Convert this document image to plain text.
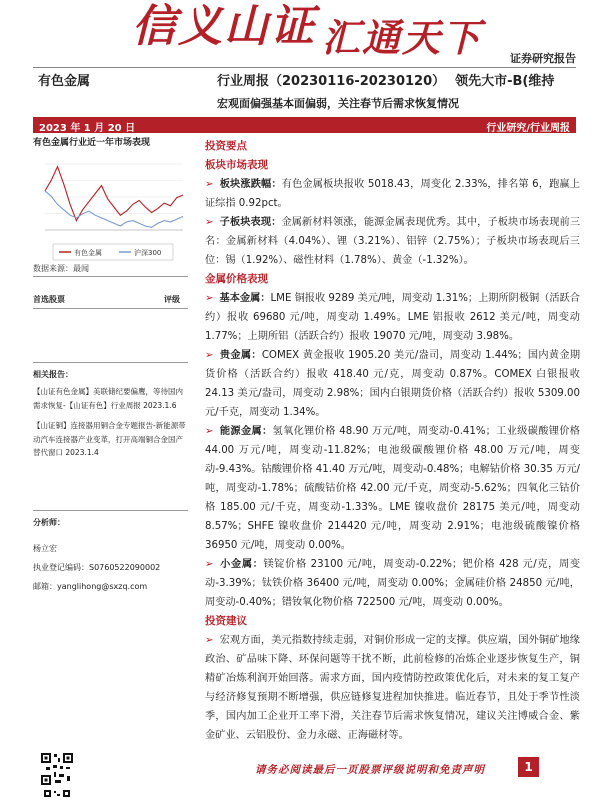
信义山证 汇通天下	证券研究报告
有色金属	行业周报（20230116-20230120） 领先大市-B(维持
宏观面偏强基本面偏弱，关注春节后需求恢复情况
2023 年 1 月 20 日	行业研究/行业周报
有色金属行业近一年市场表现
有色金属	沪深300
数据来源：最闻
首选股票	评级
相关报告：

【山证有色金属】美联储纪要偏鹰，等待国内需求恢复-【山证有色】行业周报 2023.1.6

【山证铜】连接器用铜合金专题报告-新能源带动汽车连接器产业变革，打开高端铜合金国产替代窗口 2023.1.4

分析师：
杨立宏
执业登记编码：S0760522090002
邮箱：yanglihong@sxzq.com
投资要点
板块市场表现

➢ 板块涨跌幅：有色金属板块报收 5018.43，周变化 2.33%，排名第 6，跑赢上证综指 0.92pct。

➢ 子板块表现：金属新材料领涨，能源金属表现优秀。其中，子板块市场表现前三名：金属新材料（4.04%）、锂（3.21%）、铝锌（2.75%）；子板块市场表现后三位：锡（1.92%）、磁性材料（1.78%）、黄金（-1.32%）。

金属价格表现

➢ 基本金属：LME 铜报收 9289 美元/吨，周变动 1.31%；上期所阴极铜（活跃合约）报收 69680 元/吨，周变动 1.49%。LME 铝报收 2612 美元/吨，周变动 1.77%；上期所铝（活跃合约）报收 19070 元/吨，周变动 3.98%。

➢ 贵金属：COMEX 黄金报收 1905.20 美元/盎司，周变动 1.44%；国内黄金期货价格（活跃合约）报收 418.40 元/克，周变动 0.87%。COMEX 白银报收 24.13 美元/盎司，周变动 2.98%；国内白银期货价格（活跃合约）报收 5309.00 元/千克，周变动 1.34%。

➢ 能源金属：氢氧化锂价格 48.90 万元/吨，周变动-0.41%；工业级碳酸锂价格 44.00 万元/吨，周变动-11.82%；电池级碳酸锂价格 48.00 万元/吨，周变动-9.43%。钴酸锂价格 41.40 万元/吨，周变动-0.48%；电解钴价格 30.35 万元/吨，周变动-1.78%；硫酸钴价格 42.00 元/千克，周变动-5.62%；四氧化三钴价格 185.00 元/千克，周变动-1.33%。LME 镍收盘价 28175 美元/吨，周变动 8.57%；SHFE 镍收盘价 214420 元/吨，周变动 2.91%；电池级硫酸镍价格 36950 元/吨，周变动 0.00%。

➢ 小金属：镁锭价格 23100 元/吨，周变动-0.22%；钯价格 428 元/克，周变动-3.39%；钛铁价格 36400 元/吨，周变动 0.00%；金属硅价格 24850 元/吨，周变动-0.40%；镨钕氧化物价格 722500 元/吨，周变动 0.00%。

投资建议

➢ 宏观方面，美元指数持续走弱，对铜价形成一定的支撑。供应端，国外铜矿地缘政治、矿品味下降、环保问题等干扰不断，此前检修的冶炼企业逐步恢复生产，铜精矿冶炼利润开始回落。需求方面，国内疫情防控政策优化后，对未来的复工复产与经济修复预期不断增强，供应链修复进程加快推进。临近春节，且处于季节性淡季，国内加工企业开工率下滑，关注春节后需求恢复情况，建议关注博威合金、紫金矿业、云铝股份、金力永磁、正海磁材等。

请务必阅读最后一页股票评级说明和免责声明	1
